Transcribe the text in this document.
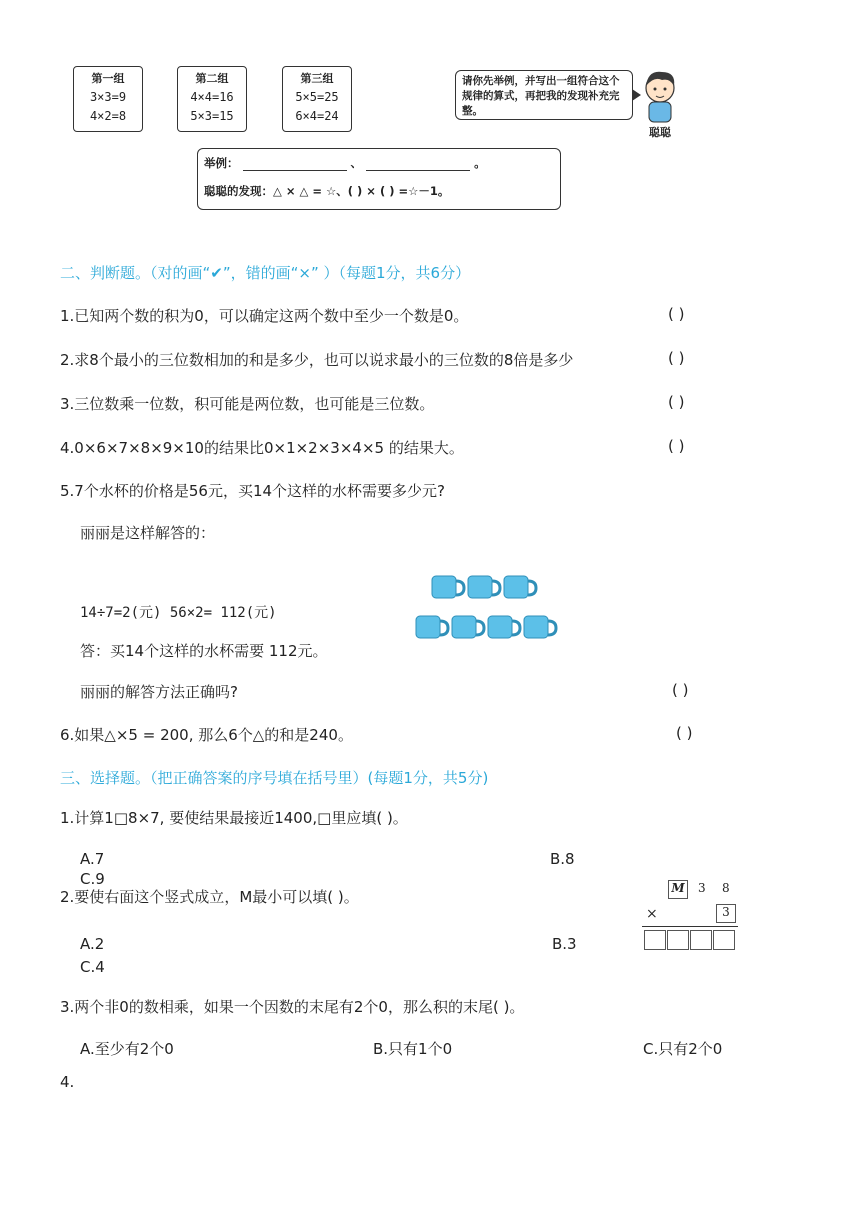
第一组
3×3=9
4×2=8
第二组
4×4=16
5×3=15
第三组
5×5=25
6×4=24
请你先举例，并写出一组符合这个规律的算式，再把我的发现补充完整。
聪聪
举例：	、	。
聪聪的发现：△ × △ = ☆、( ) × ( ) =☆－1。
二、判断题。（对的画“✔”，错的画“×” ）（每题1分，共6分）
1.已知两个数的积为0，可以确定这两个数中至少一个数是0。	( )
2.求8个最小的三位数相加的和是多少，也可以说求最小的三位数的8倍是多少	( )
3.三位数乘一位数，积可能是两位数，也可能是三位数。	( )
4.0×6×7×8×9×10的结果比0×1×2×3×4×5 的结果大。	( )
5.7个水杯的价格是56元，买14个这样的水杯需要多少元?
丽丽是这样解答的：
14÷7=2(元) 56×2= 112(元)
答：买14个这样的水杯需要 112元。
丽丽的解答方法正确吗?	( )
6.如果△×5 = 200, 那么6个△的和是240。	( )
三、选择题。（把正确答案的序号填在括号里）(每题1分，共5分)
1.计算1□8×7, 要使结果最接近1400,□里应填( )。
A.7	B.8
C.9
2.要使右面这个竖式成立，M最小可以填( )。	M 3 8
×	3
A.2	B.3
C.4
3.两个非0的数相乘，如果一个因数的末尾有2个0，那么积的末尾( )。
A.至少有2个0	B.只有1个0	C.只有2个0
4.
